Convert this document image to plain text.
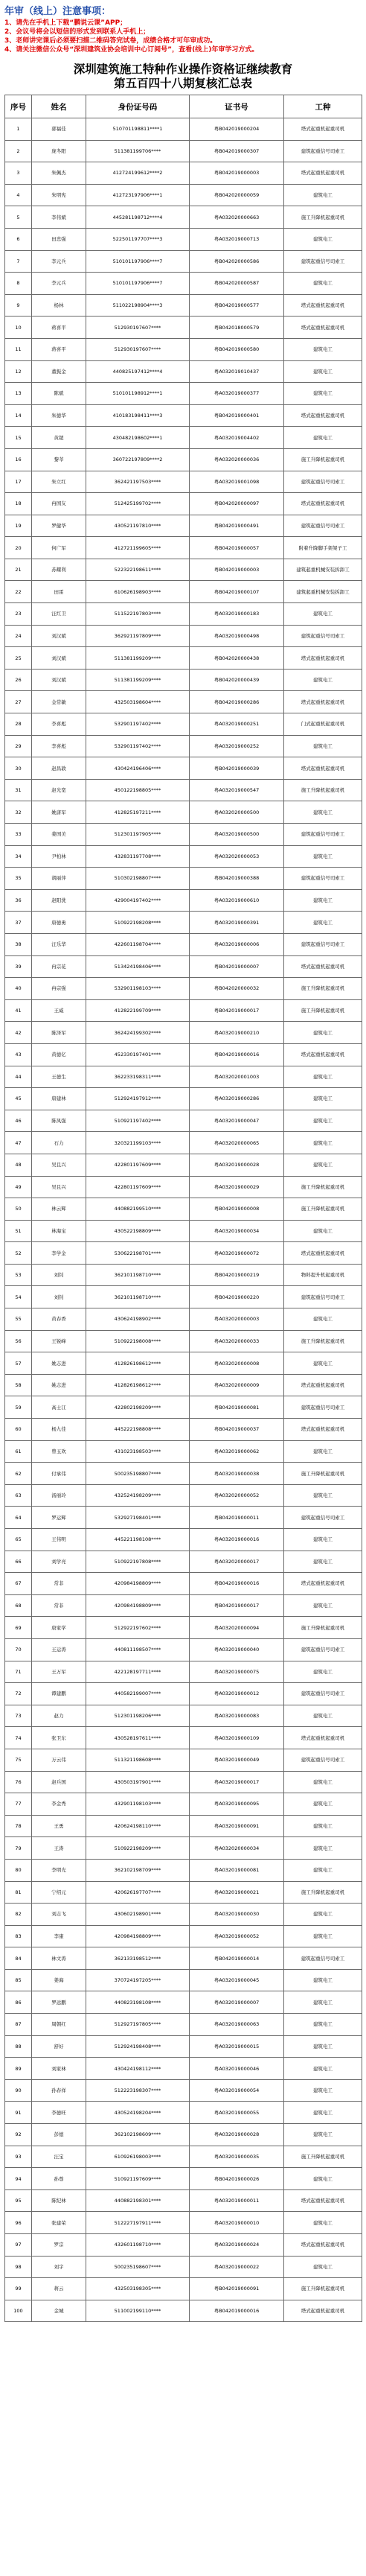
年审（线上）注意事项：
1、请先在手机上下载“鹏说云课”APP；
2、会议号将会以短信的形式发到联系人手机上；
3、老师讲完课后必须要扫描二维码答完试卷，成绩合格才可年审成功。
4、请关注微信公众号“深圳建筑业协会培训中心订阅号”，查看(线上)年审学习方式。
深圳建筑施工特种作业操作资格证继续教育
第五百四十八期复核汇总表
序号	姓名	身份证号码	证书号	工种
1	郭福佳	510701198811****1	粤B042019000204	塔式起重机起重司机
2	庞冬阳	511381199706****	粤B042019000307	建筑起重信号司索工
3	朱佩杰	412724199612****2	粤B042019000003	塔式起重机起重司机
4	朱明宪	412723197906****1	粤B042020000059	建筑电工
5	李伟斌	445281198712****4	粤A032020000663	施工升降机起重司机
6	田忠强	522501197707****3	粤A032019000713	建筑电工
7	李元兵	510101197906****7	粤B042020000586	建筑起重信号司索工
8	李元兵	510101197906****7	粤B042020000587	建筑电工
9	杨林	511022198904****3	粤B042019000577	塔式起重机起重司机
10	蒋喜平	512930197607****	粤B042018000579	塔式起重机起重司机
11	蒋喜平	512930197607****	粤B042019000580	建筑电工
12	董振金	440825197412****4	粤A032019010437	建筑电工
13	陈斌	510101198912****1	粤A032019000377	建筑电工
14	朱德华	410183198411****3	粤B042019000401	塔式起重机起重司机
15	黄超	430482198602****1	粤A032019004402	建筑电工
16	黎莘	360722197809****2	粤A032020000036	施工升降机起重司机
17	朱立红	362421197503****	粤A032019001098	建筑起重信号司索工
18	冉国友	512425199702****	粤B042020000097	塔式起重机起重司机
19	罗健华	430521197810****	粤B042019000491	建筑起重信号司索工
20	何广军	412721199605****	粤B042019000057	附着升降脚手架架子工
21	苏耀利	522322198611****	粤B042019000003	建筑起重机械安装拆卸工
22	田雷	610626198903****	粤B042019000107	建筑起重机械安装拆卸工
23	汪红卫	511522197803****	粤A032019000183	建筑电工
24	刘汉斌	362921197809****	粤A032019000498	建筑起重信号司索工
25	刘汉斌	511381199209****	粤B042020000438	塔式起重机起重司机
26	刘汉斌	511381199209****	粤B042020000439	建筑电工
27	金常敏	432503198604****	粤B042019000286	塔式起重机起重司机
28	李喜彪	532901197402****	粤A032019000251	门式起重机起重司机
29	李喜彪	532901197402****	粤A032019000252	建筑电工
30	赵昌敦	430424196406****	粤B042019000039	塔式起重机起重司机
31	赵光宽	450122198805****	粤A032019000547	施工升降机起重司机
32	姚唐军	412825197211****	粤A032020000500	建筑电工
33	姜国美	512301197905****	粤A032019000500	建筑起重信号司索工
34	尹柏林	432831197708****	粤A032020000053	建筑电工
35	胡丽萍	510302198807****	粤B042019000388	建筑起重信号司索工
36	赵阳洗	429004197402****	粤A032019000610	建筑电工
37	唐德勇	510922198208****	粤A032019000391	建筑电工
38	汪乐华	422601198704****	粤A032019000006	建筑起重信号司索工
39	冉宗花	513424198406****	粤B042019000007	塔式起重机起重司机
40	冉宗强	532901198103****	粤B042020000032	施工升降机起重司机
41	王威	412822199709****	粤B042019000017	施工升降机起重司机
42	陈泽军	362424199302****	粤A032019000210	建筑电工
43	黄德亿	452330197401****	粤B042019000016	塔式起重机起重司机
44	王德生	362233198311****	粤A032020001003	建筑电工
45	唐建林	512924197912****	粤A032019000286	建筑电工
46	陈凤强	510921197402****	粤A032019000047	建筑电工
47	石力	320321199103****	粤A032020000065	建筑电工
48	吴且兴	422801197609****	粤A032019000028	建筑电工
49	吴且兴	422801197609****	粤A032019000029	施工升降机起重司机
50	林云辉	440882199510****	粤B042019000008	施工升降机起重司机
51	林海宝	430522198809****	粤A032019000034	建筑电工
52	李学金	530622198701****	粤A032019000072	塔式起重机起重司机
53	刘钊	362101198710****	粤B042019000219	物料提升机起重司机
54	刘钊	362101198710****	粤B042019000220	建筑起重信号司索工
55	黄春香	430624198902****	粤A032020000003	建筑电工
56	王锐峰	510922198008****	粤A032020000033	施工升降机起重司机
57	姚志进	412826198612****	粤A032020000008	建筑电工
58	姚志进	412826198612****	粤A032020000009	塔式起重机起重司机
59	高士江	422802198209****	粤B042019000081	建筑起重信号司索工
60	杨九佳	445222198808****	粤B042019000037	塔式起重机起重司机
61	曾玉欢	431023198503****	粤A032019000062	建筑电工
62	付承伟	500235198807****	粤A032019000038	施工升降机起重司机
63	汤丽玲	432524198209****	粤A032020000052	建筑电工
64	罗运辉	532927198401****	粤B042019000011	建筑起重信号司索工
65	王伟明	445221198108****	粤A032019000016	建筑电工
66	刘学亮	510922197808****	粤A032020000017	建筑电工
67	常非	420984198809****	粤B042019000016	塔式起重机起重司机
68	常非	420984198809****	粤B042019000017	建筑电工
69	唐家学	512922197602****	粤A032020000094	施工升降机起重司机
70	王运涛	440811198507****	粤A032019000040	建筑起重信号司索工
71	王万军	422128197711****	粤A032019000075	建筑电工
72	谭建鹏	440582199007****	粤A032019000012	建筑起重信号司索工
73	赵力	512301198206****	粤A032019000083	建筑电工
74	张卫东	430528197611****	粤A032019000109	塔式起重机起重司机
75	万云伟	511321198608****	粤A032019000049	建筑起重信号司索工
76	赵兵国	430503197901****	粤A032019000017	建筑电工
77	李金秀	432901198103****	粤A032019000095	建筑电工
78	王勇	420624198110****	粤A032019000091	建筑电工
79	王涛	510922198209****	粤A032020000034	建筑电工
80	李明光	362102198709****	粤A032019000081	建筑电工
81	宁绍元	420626197707****	粤A032019000021	施工升降机起重司机
82	刘志飞	430602198901****	粤A032019000030	建筑电工
83	李康	420984198809****	粤A032019000052	建筑电工
84	林文涛	362133198512****	粤B042019000014	建筑起重信号司索工
85	姜海	370724197205****	粤A032019000045	建筑电工
86	罗远鹏	440823198108****	粤A032019000007	建筑电工
87	周朝红	512927197805****	粤A032019000063	建筑电工
88	舒好	512924198408****	粤A032019000015	建筑电工
89	刘家林	430424198112****	粤A032019000046	建筑电工
90	孙春祥	512223198307****	粤A032019000054	建筑电工
91	李德旺	430524198204****	粤A032019000055	建筑电工
92	彭德	362102198609****	粤A032019000028	建筑电工
93	汪宝	610926198003****	粤A032019000035	施工升降机起重司机
94	孙尊	510921197609****	粤B042019000026	建筑电工
95	陈纪林	440882198301****	粤A032019000011	塔式起重机起重司机
96	张建荣	512227197911****	粤A032019000010	建筑电工
97	罗宗	432601198710****	粤A032019000024	塔式起重机起重司机
98	刘宇	500235198607****	粤A032019000022	建筑电工
99	蒋云	432503198305****	粤B042019000091	施工升降机起重司机
100	金城	511002199110****	粤B042019000016	塔式起重机起重司机
